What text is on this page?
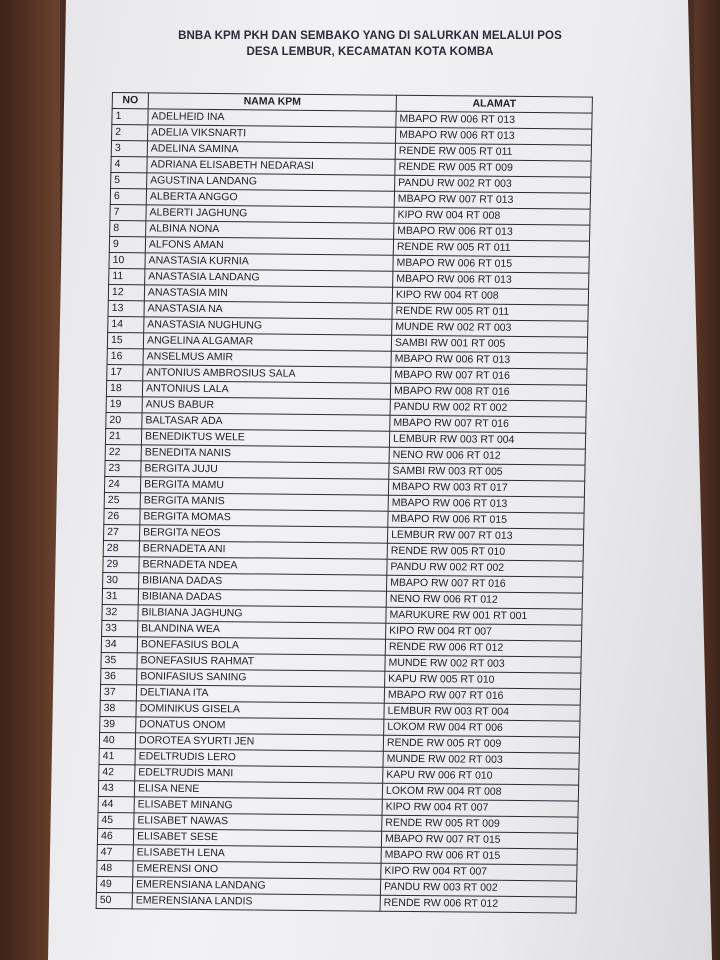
BNBA KPM PKH DAN SEMBAKO YANG DI SALURKAN MELALUI POS
DESA LEMBUR, KECAMATAN KOTA KOMBA
NO	NAMA KPM	ALAMAT
1	ADELHEID INA	MBAPO RW 006 RT 013
2	ADELIA VIKSNARTI	MBAPO RW 006 RT 013
3	ADELINA SAMINA	RENDE RW 005 RT 011
4	ADRIANA ELISABETH NEDARASI	RENDE RW 005 RT 009
5	AGUSTINA LANDANG	PANDU RW 002 RT 003
6	ALBERTA ANGGO	MBAPO RW 007 RT 013
7	ALBERTI JAGHUNG	KIPO RW 004 RT 008
8	ALBINA NONA	MBAPO RW 006 RT 013
9	ALFONS AMAN	RENDE RW 005 RT 011
10	ANASTASIA KURNIA	MBAPO RW 006 RT 015
11	ANASTASIA LANDANG	MBAPO RW 006 RT 013
12	ANASTASIA MIN	KIPO RW 004 RT 008
13	ANASTASIA NA	RENDE RW 005 RT 011
14	ANASTASIA NUGHUNG	MUNDE RW 002 RT 003
15	ANGELINA ALGAMAR	SAMBI RW 001 RT 005
16	ANSELMUS AMIR	MBAPO RW 006 RT 013
17	ANTONIUS AMBROSIUS SALA	MBAPO RW 007 RT 016
18	ANTONIUS LALA	MBAPO RW 008 RT 016
19	ANUS BABUR	PANDU RW 002 RT 002
20	BALTASAR ADA	MBAPO RW 007 RT 016
21	BENEDIKTUS WELE	LEMBUR RW 003 RT 004
22	BENEDITA NANIS	NENO RW 006 RT 012
23	BERGITA JUJU	SAMBI RW 003 RT 005
24	BERGITA MAMU	MBAPO RW 003 RT 017
25	BERGITA MANIS	MBAPO RW 006 RT 013
26	BERGITA MOMAS	MBAPO RW 006 RT 015
27	BERGITA NEOS	LEMBUR RW 007 RT 013
28	BERNADETA ANI	RENDE RW 005 RT 010
29	BERNADETA NDEA	PANDU RW 002 RT 002
30	BIBIANA DADAS	MBAPO RW 007 RT 016
31	BIBIANA DADAS	NENO RW 006 RT 012
32	BILBIANA JAGHUNG	MARUKURE RW 001 RT 001
33	BLANDINA WEA	KIPO RW 004 RT 007
34	BONEFASIUS BOLA	RENDE RW 006 RT 012
35	BONEFASIUS RAHMAT	MUNDE RW 002 RT 003
36	BONIFASIUS SANING	KAPU RW 005 RT 010
37	DELTIANA ITA	MBAPO RW 007 RT 016
38	DOMINIKUS GISELA	LEMBUR RW 003 RT 004
39	DONATUS ONOM	LOKOM RW 004 RT 006
40	DOROTEA SYURTI JEN	RENDE RW 005 RT 009
41	EDELTRUDIS LERO	MUNDE RW 002 RT 003
42	EDELTRUDIS MANI	KAPU RW 006 RT 010
43	ELISA NENE	LOKOM RW 004 RT 008
44	ELISABET MINANG	KIPO RW 004 RT 007
45	ELISABET NAWAS	RENDE RW 005 RT 009
46	ELISABET SESE	MBAPO RW 007 RT 015
47	ELISABETH LENA	MBAPO RW 006 RT 015
48	EMERENSI ONO	KIPO RW 004 RT 007
49	EMERENSIANA LANDANG	PANDU RW 003 RT 002
50	EMERENSIANA LANDIS	RENDE RW 006 RT 012
